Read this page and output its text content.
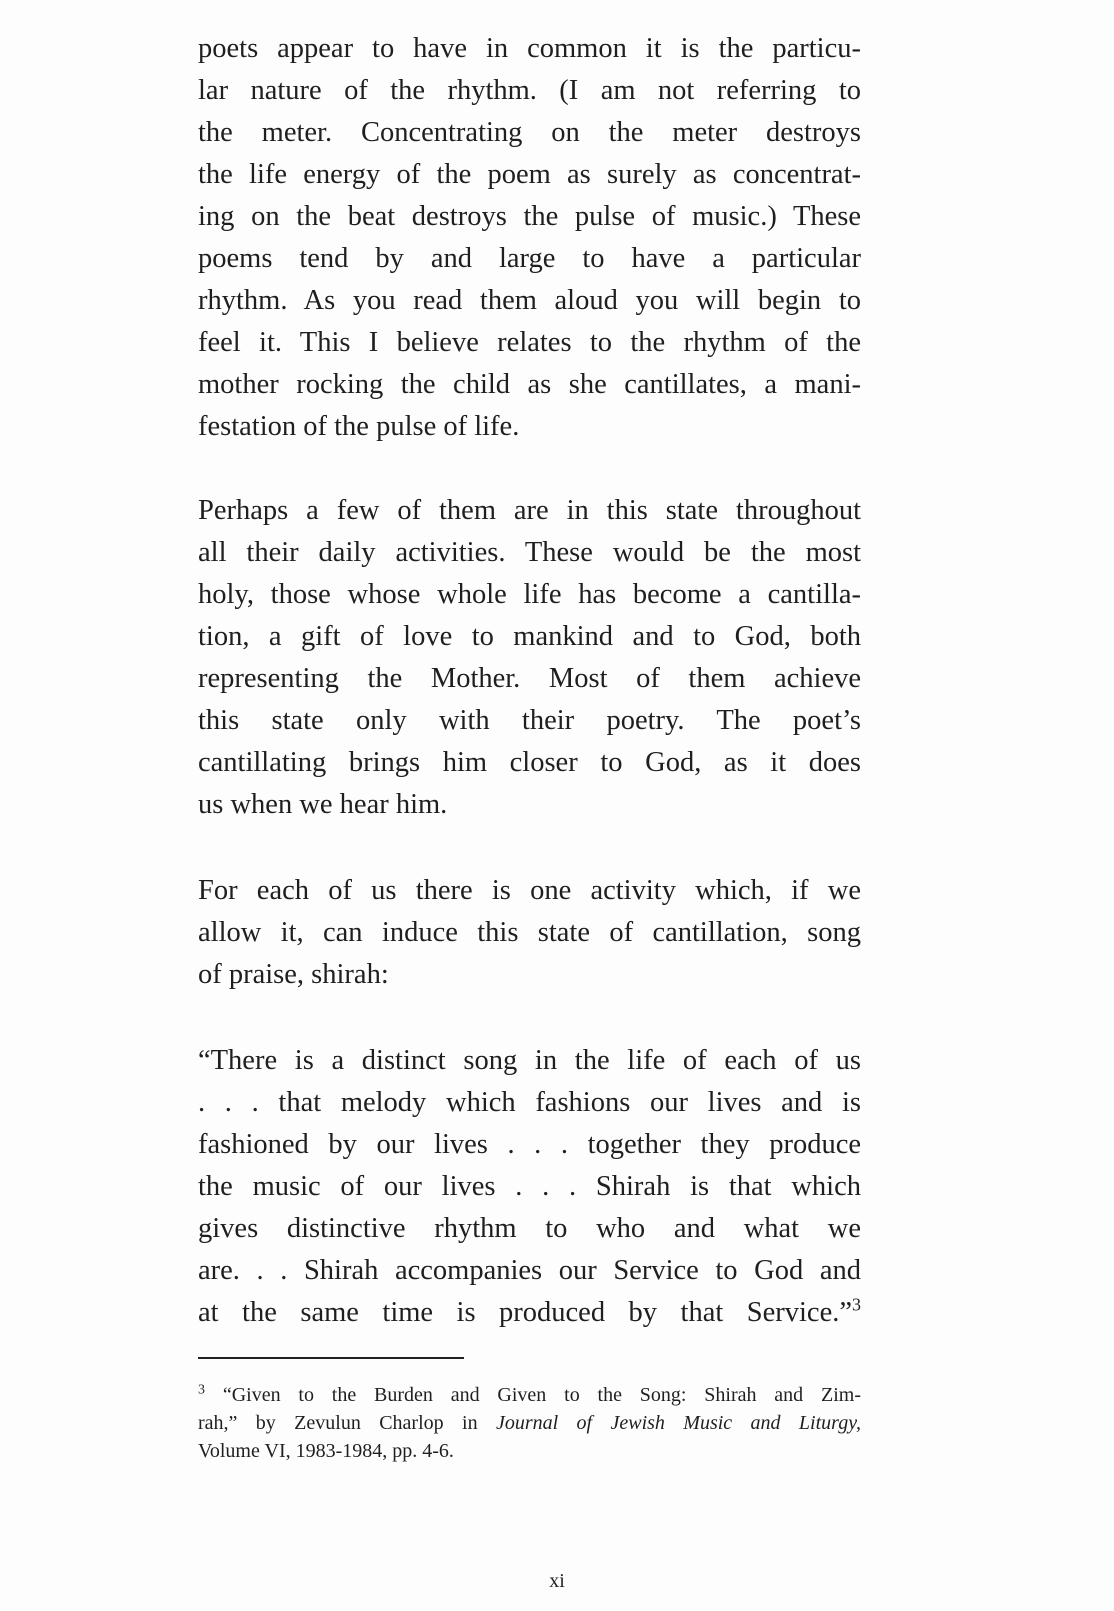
poets appear to have in common it is the particu-
lar nature of the rhythm. (I am not referring to
the meter. Concentrating on the meter destroys
the life energy of the poem as surely as concentrat-
ing on the beat destroys the pulse of music.) These
poems tend by and large to have a particular
rhythm. As you read them aloud you will begin to
feel it. This I believe relates to the rhythm of the
mother rocking the child as she cantillates, a mani-
festation of the pulse of life.
Perhaps a few of them are in this state throughout
all their daily activities. These would be the most
holy, those whose whole life has become a cantilla-
tion, a gift of love to mankind and to God, both
representing the Mother. Most of them achieve
this state only with their poetry. The poet’s
cantillating brings him closer to God, as it does
us when we hear him.
For each of us there is one activity which, if we
allow it, can induce this state of cantillation, song
of praise, shirah:
“There is a distinct song in the life of each of us
. . . that melody which fashions our lives and is
fashioned by our lives . . . together they produce
the music of our lives . . . Shirah is that which
gives distinctive rhythm to who and what we
are. . . Shirah accompanies our Service to God and
at the same time is produced by that Service.”$^3$
$^3$ “Given to the Burden and Given to the Song: Shirah and Zim-
rah,” by Zevulun Charlop in Journal of Jewish Music and Liturgy,
Volume VI, 1983-1984, pp. 4-6.
xi
